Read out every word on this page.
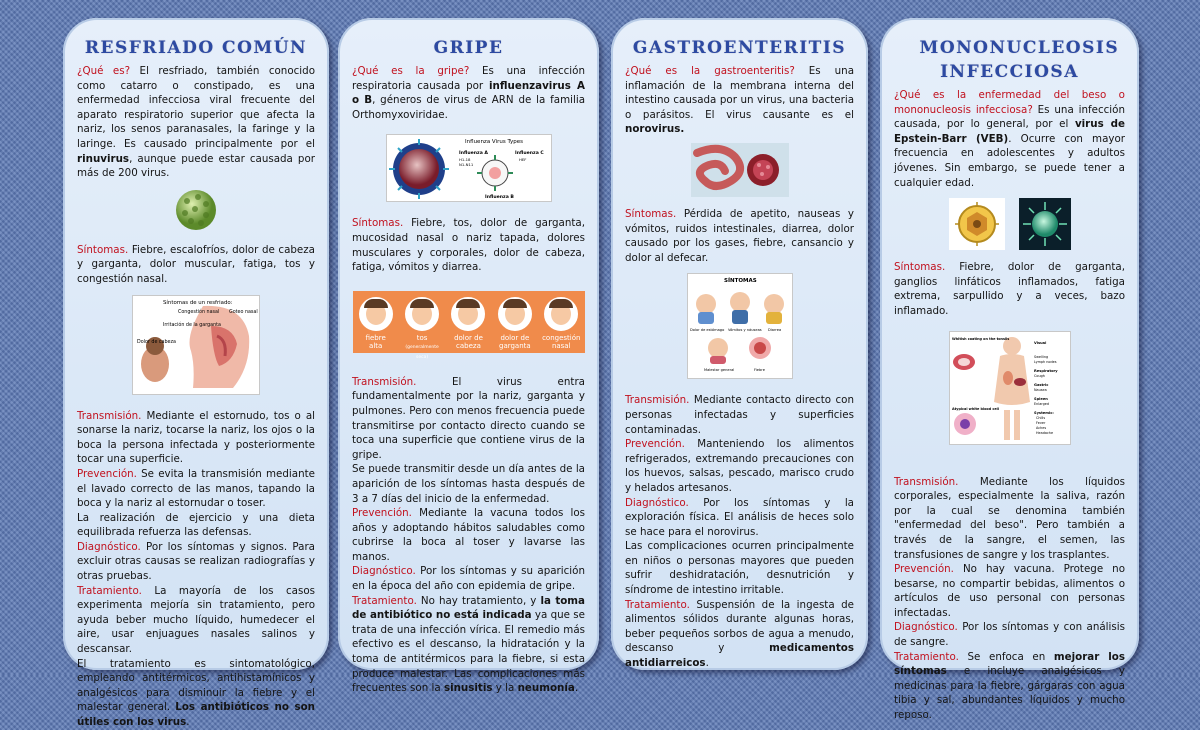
RESFRIADO COMÚN

¿Qué es? El resfriado, también conocido como catarro o constipado, es una enfermedad infecciosa viral frecuente del aparato respiratorio superior que afecta la nariz, los senos paranasales, la faringe y la laringe. Es causado principalmente por el rinuvirus, aunque puede estar causada por más de 200 virus.

Síntomas. Fiebre, escalofríos, dolor de cabeza y garganta, dolor muscular, fatiga, tos y congestión nasal.

Síntomas de un resfriado:
Congestión nasal Goteo nasal
Irritación de la garganta
Dolor de cabeza

Transmisión. Mediante el estornudo, tos o al sonarse la nariz, tocarse la nariz, los ojos o la boca la persona infectada y posteriormente tocar una superficie.

Prevención. Se evita la transmisión mediante el lavado correcto de las manos, tapando la boca y la nariz al estornudar o toser.

La realización de ejercicio y una dieta equilibrada refuerza las defensas.

Diagnóstico. Por los síntomas y signos. Para excluir otras causas se realizan radiografías y otras pruebas.

Tratamiento. La mayoría de los casos experimenta mejoría sin tratamiento, pero ayuda beber mucho líquido, humedecer el aire, usar enjuagues nasales salinos y descansar.

El tratamiento es sintomatológico, empleando antitérmicos, antihistamínicos y analgésicos para disminuir la fiebre y el malestar general. Los antibióticos no son útiles con los virus.

GRIPE

¿Qué es la gripe? Es una infección respiratoria causada por influenzavirus A o B, géneros de virus de ARN de la familia Orthomyxoviridae.

Influenza Virus Types
Influenza A	Influenza C
Influenza B
H1-18
N1-N11
HEF

Síntomas. Fiebre, tos, dolor de garganta, mucosidad nasal o nariz tapada, dolores musculares y corporales, dolor de cabeza, fatiga, vómitos y diarrea.

fiebre
alta
tos
(generalmente seca)
dolor de
cabeza
dolor de
garganta
congestión
nasal

Transmisión. El virus entra fundamentalmente por la nariz, garganta y pulmones. Pero con menos frecuencia puede transmitirse por contacto directo cuando se toca una superficie que contiene virus de la gripe.

Se puede transmitir desde un día antes de la aparición de los síntomas hasta después de 3 a 7 días del inicio de la enfermedad.

Prevención. Mediante la vacuna todos los años y adoptando hábitos saludables como cubrirse la boca al toser y lavarse las manos.

Diagnóstico. Por los síntomas y su aparición en la época del año con epidemia de gripe.

Tratamiento. No hay tratamiento, y la toma de antibiótico no está indicada ya que se trata de una infección vírica. El remedio más efectivo es el descanso, la hidratación y la toma de antitérmicos para la fiebre, si esta produce malestar. Las complicaciones más frecuentes son la sinusitis y la neumonía.

GASTROENTERITIS

¿Qué es la gastroenteritis? Es una inflamación de la membrana interna del intestino causada por un virus, una bacteria o parásitos. El virus causante es el norovirus.

Síntomas. Pérdida de apetito, nauseas y vómitos, ruidos intestinales, diarrea, dolor causado por los gases, fiebre, cansancio y dolor al defecar.

SÍNTOMAS
Dolor de estómago Vómitos y náuseas Diarrea
Malestar general	Fiebre

Transmisión. Mediante contacto directo con personas infectadas y superficies contaminadas.

Prevención. Manteniendo los alimentos refrigerados, extremando precauciones con los huevos, salsas, pescado, marisco crudo y helados artesanos.

Diagnóstico. Por los síntomas y la exploración física. El análisis de heces solo se hace para el norovirus.

Las complicaciones ocurren principalmente en niños o personas mayores que pueden sufrir deshidratación, desnutrición y síndrome de intestino irritable.

Tratamiento. Suspensión de la ingesta de alimentos sólidos durante algunas horas, beber pequeños sorbos de agua a menudo, descanso y medicamentos antidiarreicos.

MONONUCLEOSIS INFECCIOSA

¿Qué es la enfermedad del beso o mononucleosis infecciosa? Es una infección causada, por lo general, por el virus de Epstein-Barr (VEB). Ocurre con mayor frecuencia en adolescentes y adultos jóvenes. Sin embargo, se puede tener a cualquier edad.

Síntomas. Fiebre, dolor de garganta, ganglios linfáticos inflamados, fatiga extrema, sarpullido y a veces, bazo inflamado.

Visual
Swelling
Lymph nodes
Respiratory
Cough
Gastric
Nausea
Spleen
Enlarged
Whitish coating on the tonsils
Atypical white blood cell
Systemic:
Chills
Fever
Aches
Headache

Transmisión. Mediante los líquidos corporales, especialmente la saliva, razón por la cual se denomina también "enfermedad del beso". Pero también a través de la sangre, el semen, las transfusiones de sangre y los trasplantes.

Prevención. No hay vacuna. Protege no besarse, no compartir bebidas, alimentos o artículos de uso personal con personas infectadas.

Diagnóstico. Por los síntomas y con análisis de sangre.

Tratamiento. Se enfoca en mejorar los síntomas e incluye analgésicos y medicinas para la fiebre, gárgaras con agua tibia y sal, abundantes líquidos y mucho reposo.
